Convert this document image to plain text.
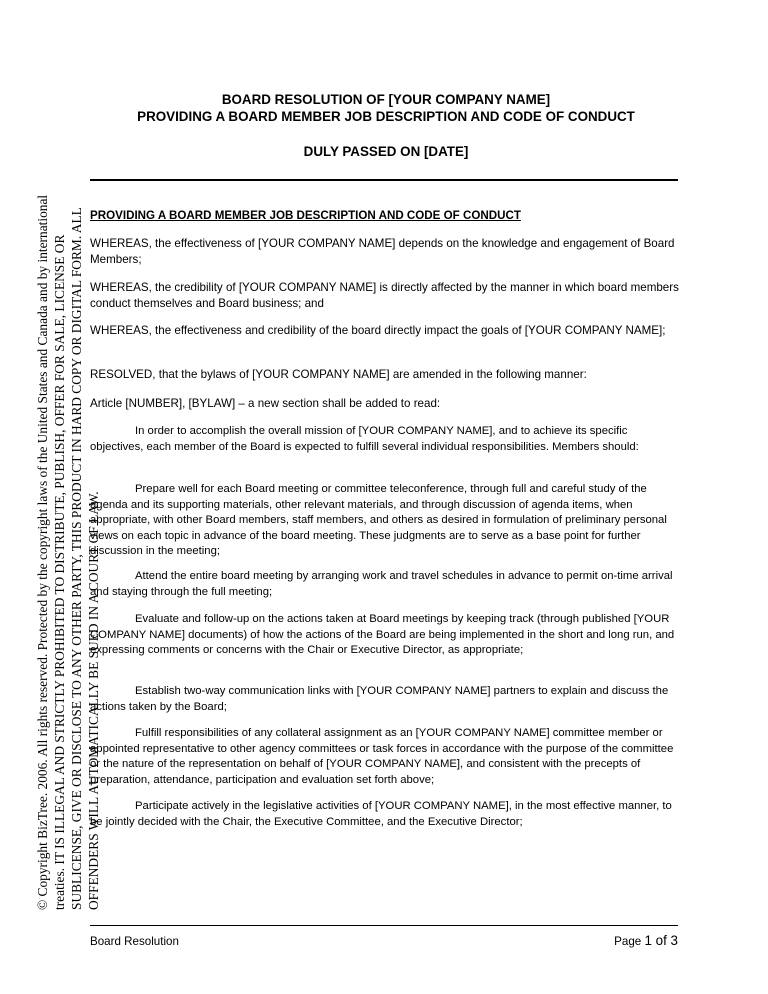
© Copyright BizTree. 2006. All rights reserved. Protected by the copyright laws of the United States and Canada and by international treaties. IT IS ILLEGAL AND STRICTLY PROHIBITED TO DISTRIBUTE, PUBLISH, OFFER FOR SALE, LICENSE OR SUBLICENSE, GIVE OR DISCLOSE TO ANY OTHER PARTY, THIS PRODUCT IN HARD COPY OR DIGITAL FORM. ALL OFFENDERS WILL AUTOMATICALLY BE SUED IN A COURT OF LAW.
BOARD RESOLUTION OF [YOUR COMPANY NAME]
PROVIDING A BOARD MEMBER JOB DESCRIPTION AND CODE OF CONDUCT
DULY PASSED ON [DATE]
PROVIDING A BOARD MEMBER JOB DESCRIPTION AND CODE OF CONDUCT
WHEREAS, the effectiveness of [YOUR COMPANY NAME] depends on the knowledge and engagement of Board Members;
WHEREAS, the credibility of [YOUR COMPANY NAME] is directly affected by the manner in which board members conduct themselves and Board business; and
WHEREAS, the effectiveness and credibility of the board directly impact the goals of [YOUR COMPANY NAME];
RESOLVED, that the bylaws of [YOUR COMPANY NAME] are amended in the following manner:
Article [NUMBER], [BYLAW] – a new section shall be added to read:
In order to accomplish the overall mission of [YOUR COMPANY NAME], and to achieve its specific objectives, each member of the Board is expected to fulfill several individual responsibilities. Members should:
Prepare well for each Board meeting or committee teleconference, through full and careful study of the agenda and its supporting materials, other relevant materials, and through discussion of agenda items, when appropriate, with other Board members, staff members, and others as desired in formulation of preliminary personal views on each topic in advance of the board meeting. These judgments are to serve as a base point for further discussion in the meeting;
Attend the entire board meeting by arranging work and travel schedules in advance to permit on-time arrival and staying through the full meeting;
Evaluate and follow-up on the actions taken at Board meetings by keeping track (through published [YOUR COMPANY NAME] documents) of how the actions of the Board are being implemented in the short and long run, and expressing comments or concerns with the Chair or Executive Director, as appropriate;
Establish two-way communication links with [YOUR COMPANY NAME] partners to explain and discuss the actions taken by the Board;
Fulfill responsibilities of any collateral assignment as an [YOUR COMPANY NAME] committee member or appointed representative to other agency committees or task forces in accordance with the purpose of the committee or the nature of the representation on behalf of [YOUR COMPANY NAME], and consistent with the precepts of preparation, attendance, participation and evaluation set forth above;
Participate actively in the legislative activities of [YOUR COMPANY NAME], in the most effective manner, to be jointly decided with the Chair, the Executive Committee, and the Executive Director;
Board Resolution	Page 1 of 3
